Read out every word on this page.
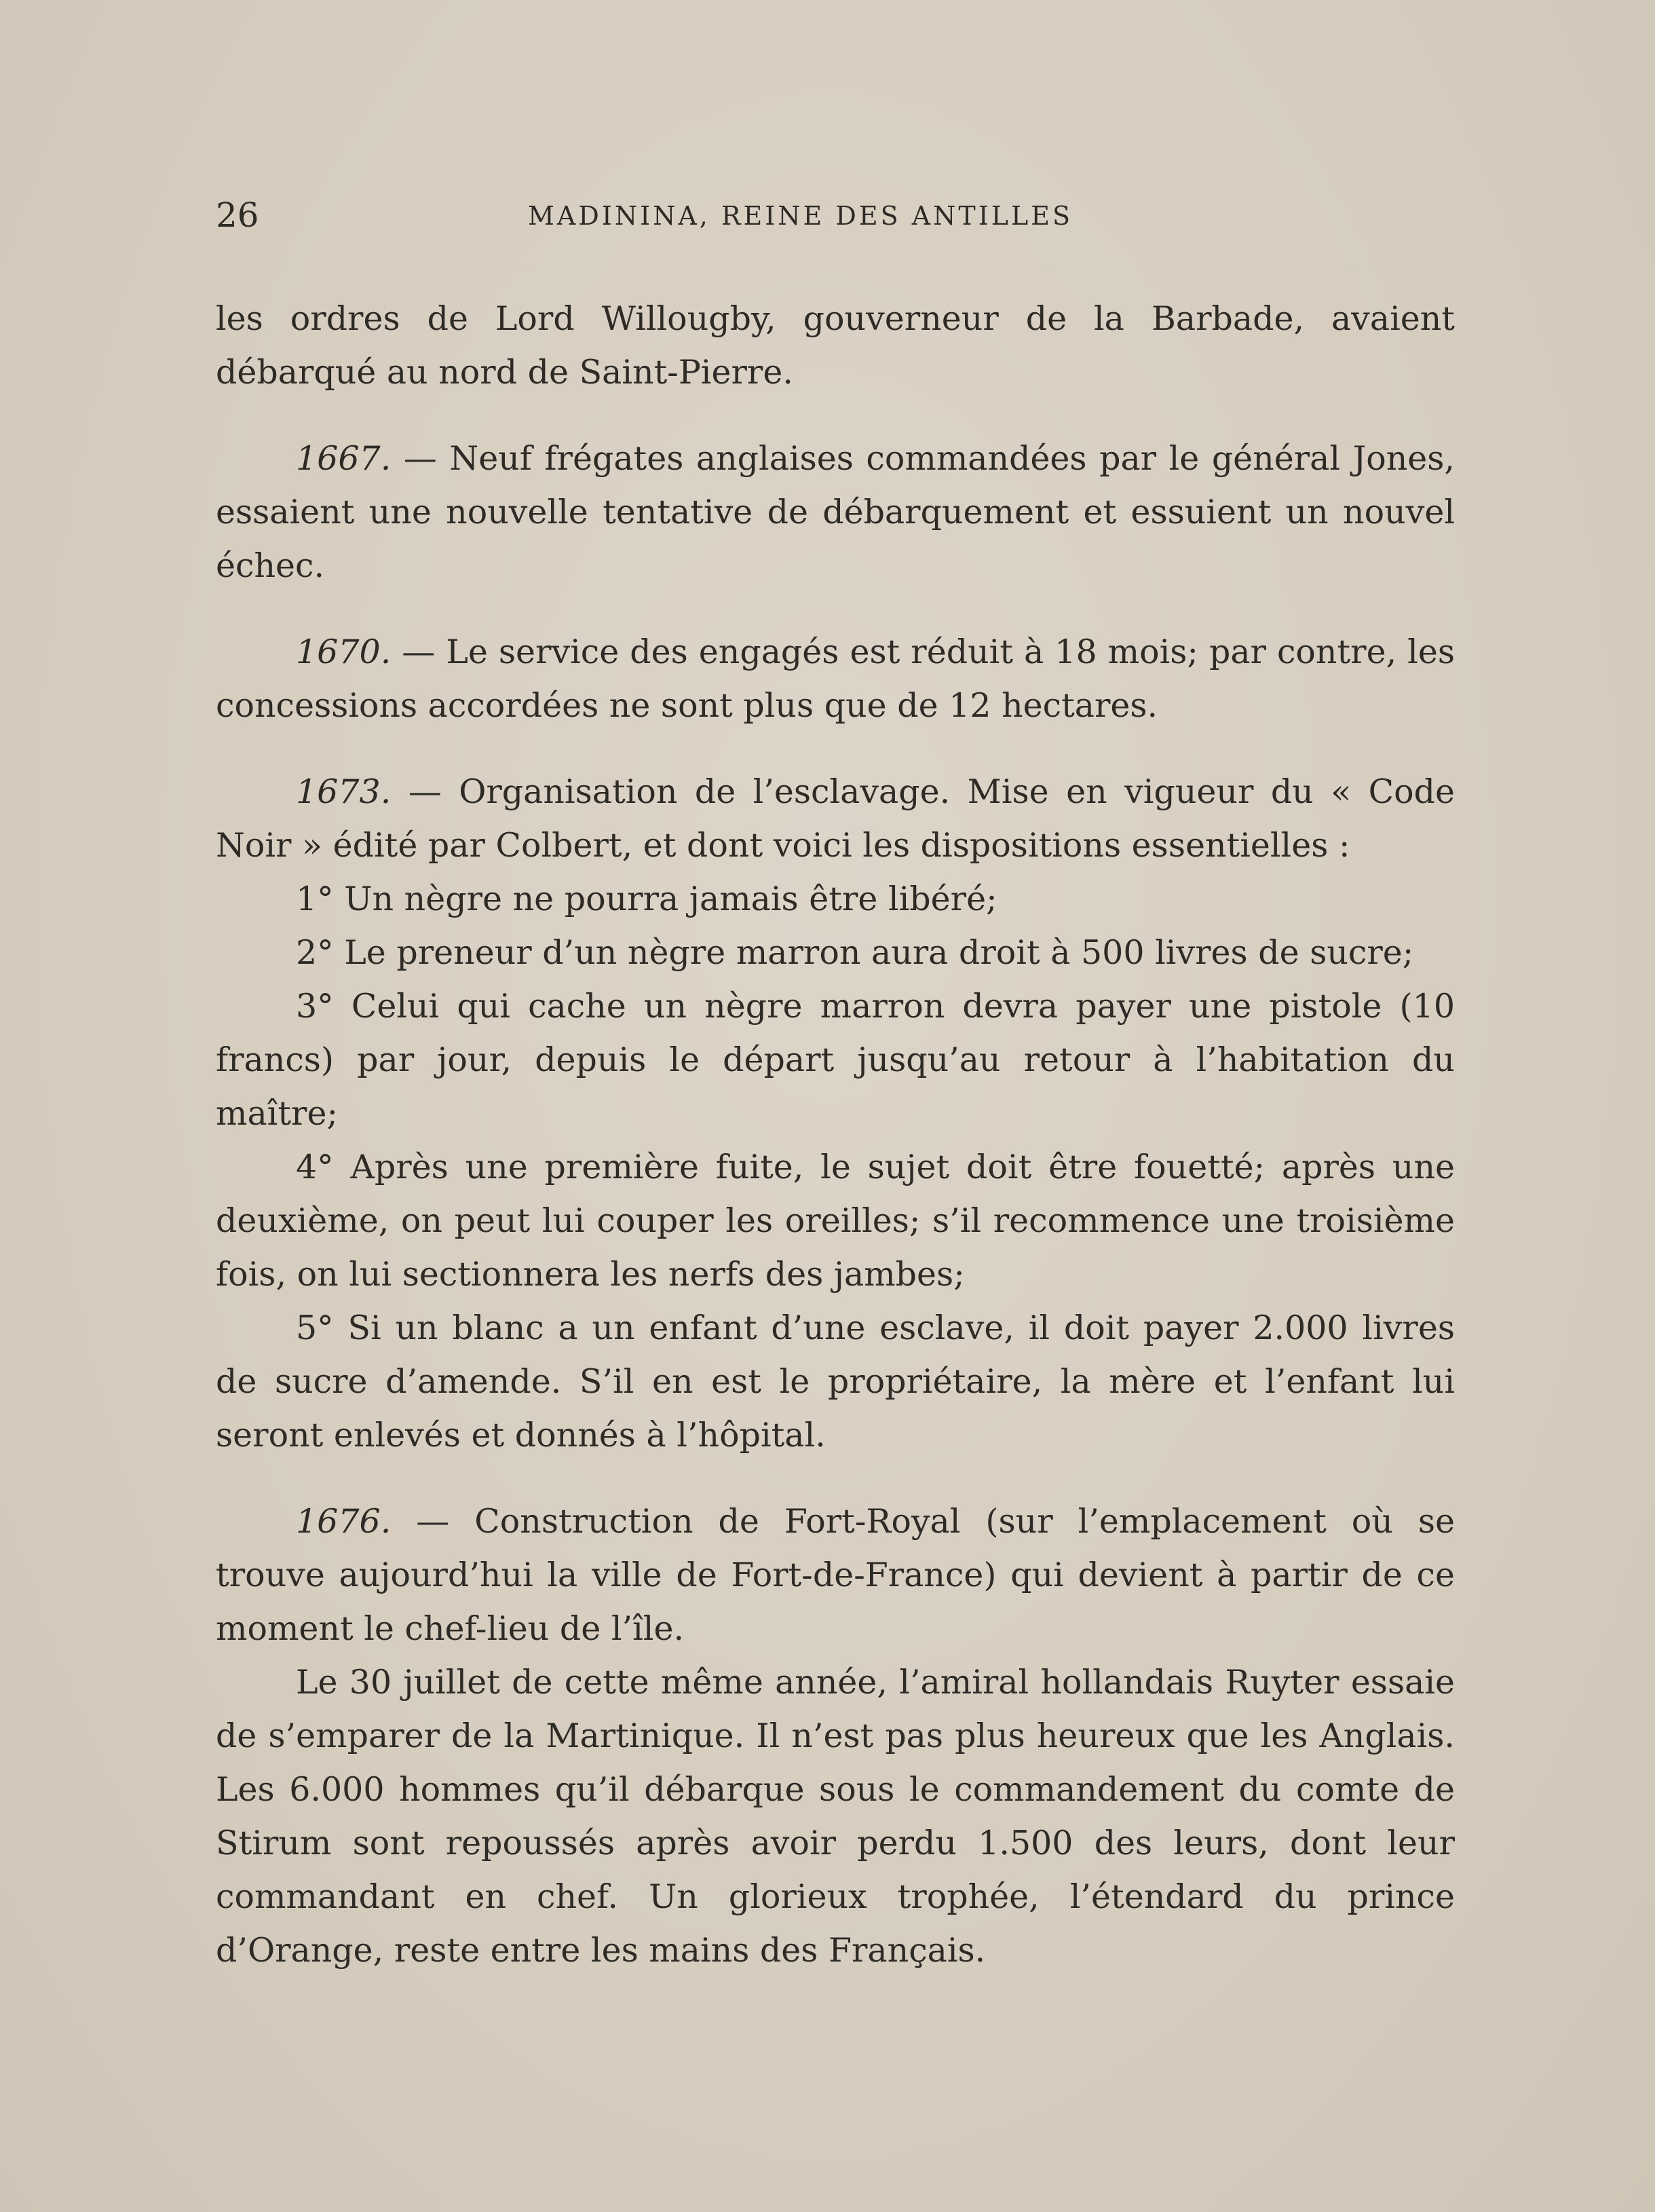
26	MADININA, REINE DES ANTILLES

les ordres de Lord Willougby, gouverneur de la Barbade, avaient débarqué au nord de Saint-Pierre.

1667. — Neuf frégates anglaises commandées par le général Jones, essaient une nouvelle tentative de débarquement et essuient un nouvel échec.

1670. — Le service des engagés est réduit à 18 mois; par contre, les concessions accordées ne sont plus que de 12 hectares.

1673. — Organisation de l’esclavage. Mise en vigueur du « Code Noir » édité par Colbert, et dont voici les dispositions essentielles :

1° Un nègre ne pourra jamais être libéré;

2° Le preneur d’un nègre marron aura droit à 500 livres de sucre;

3° Celui qui cache un nègre marron devra payer une pistole (10 francs) par jour, depuis le départ jusqu’au retour à l’habitation du maître;

4° Après une première fuite, le sujet doit être fouetté; après une deuxième, on peut lui couper les oreilles; s’il recommence une troisième fois, on lui sectionnera les nerfs des jambes;

5° Si un blanc a un enfant d’une esclave, il doit payer 2.000 livres de sucre d’amende. S’il en est le propriétaire, la mère et l’enfant lui seront enlevés et donnés à l’hôpital.

1676. — Construction de Fort-Royal (sur l’emplacement où se trouve aujourd’hui la ville de Fort-de-France) qui devient à partir de ce moment le chef-lieu de l’île.

Le 30 juillet de cette même année, l’amiral hollandais Ruyter essaie de s’emparer de la Martinique. Il n’est pas plus heureux que les Anglais. Les 6.000 hommes qu’il débarque sous le commandement du comte de Stirum sont repoussés après avoir perdu 1.500 des leurs, dont leur commandant en chef. Un glorieux trophée, l’étendard du prince d’Orange, reste entre les mains des Français.
